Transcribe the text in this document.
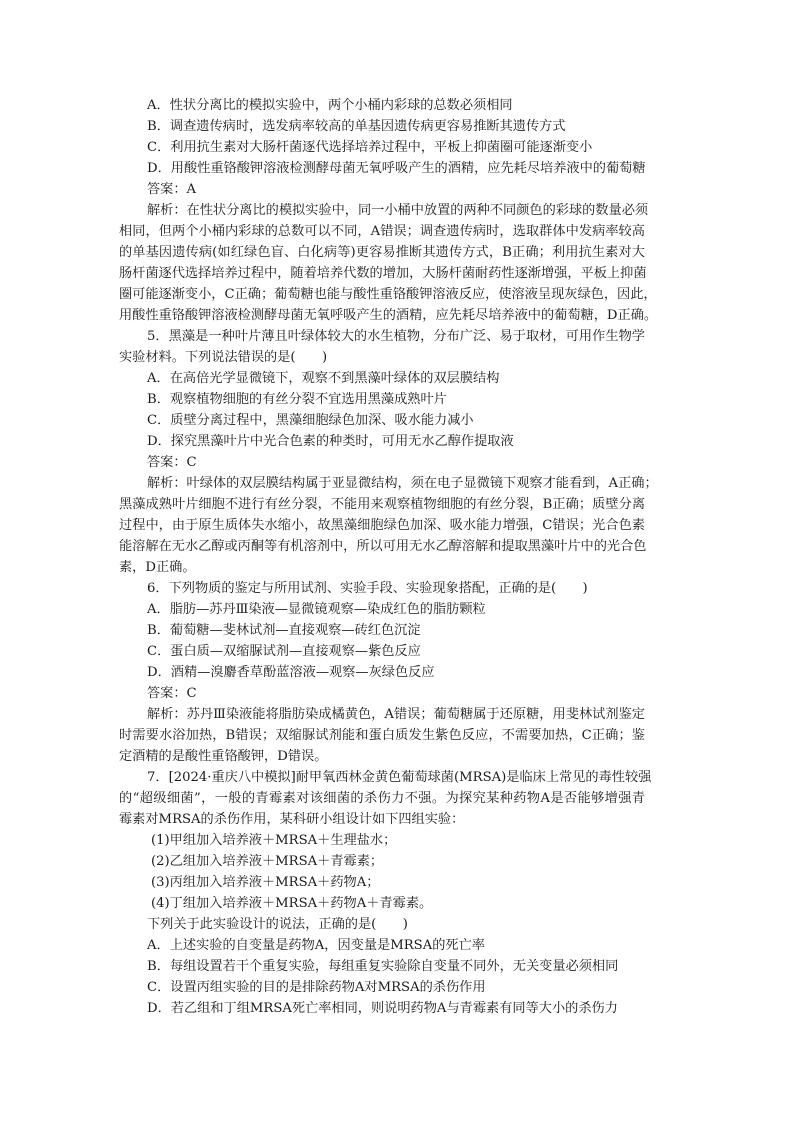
A．性状分离比的模拟实验中，两个小桶内彩球的总数必须相同
B．调查遗传病时，选发病率较高的单基因遗传病更容易推断其遗传方式
C．利用抗生素对大肠杆菌逐代选择培养过程中，平板上抑菌圈可能逐渐变小
D．用酸性重铬酸钾溶液检测酵母菌无氧呼吸产生的酒精，应先耗尽培养液中的葡萄糖
答案：A
解析：在性状分离比的模拟实验中，同一小桶中放置的两种不同颜色的彩球的数量必须
相同，但两个小桶内彩球的总数可以不同，A错误；调查遗传病时，选取群体中发病率较高
的单基因遗传病(如红绿色盲、白化病等)更容易推断其遗传方式，B正确；利用抗生素对大
肠杆菌逐代选择培养过程中，随着培养代数的增加，大肠杆菌耐药性逐渐增强，平板上抑菌
圈可能逐渐变小，C正确；葡萄糖也能与酸性重铬酸钾溶液反应，使溶液呈现灰绿色，因此，
用酸性重铬酸钾溶液检测酵母菌无氧呼吸产生的酒精，应先耗尽培养液中的葡萄糖，D正确。
5．黑藻是一种叶片薄且叶绿体较大的水生植物，分布广泛、易于取材，可用作生物学
实验材料。下列说法错误的是(　　)
A．在高倍光学显微镜下，观察不到黑藻叶绿体的双层膜结构
B．观察植物细胞的有丝分裂不宜选用黑藻成熟叶片
C．质壁分离过程中，黑藻细胞绿色加深、吸水能力减小
D．探究黑藻叶片中光合色素的种类时，可用无水乙醇作提取液
答案：C
解析：叶绿体的双层膜结构属于亚显微结构，须在电子显微镜下观察才能看到，A正确；
黑藻成熟叶片细胞不进行有丝分裂，不能用来观察植物细胞的有丝分裂，B正确；质壁分离
过程中，由于原生质体失水缩小，故黑藻细胞绿色加深、吸水能力增强，C错误；光合色素
能溶解在无水乙醇或丙酮等有机溶剂中，所以可用无水乙醇溶解和提取黑藻叶片中的光合色
素，D正确。
6．下列物质的鉴定与所用试剂、实验手段、实验现象搭配，正确的是(　　)
A．脂肪—苏丹Ⅲ染液—显微镜观察—染成红色的脂肪颗粒
B．葡萄糖—斐林试剂—直接观察—砖红色沉淀
C．蛋白质—双缩脲试剂—直接观察—紫色反应
D．酒精—溴麝香草酚蓝溶液—观察—灰绿色反应
答案：C
解析：苏丹Ⅲ染液能将脂肪染成橘黄色，A错误；葡萄糖属于还原糖，用斐林试剂鉴定
时需要水浴加热，B错误；双缩脲试剂能和蛋白质发生紫色反应，不需要加热，C正确；鉴
定酒精的是酸性重铬酸钾，D错误。
7．[2024·重庆八中模拟]耐甲氧西林金黄色葡萄球菌(MRSA)是临床上常见的毒性较强
的“超级细菌”，一般的青霉素对该细菌的杀伤力不强。为探究某种药物A是否能够增强青
霉素对MRSA的杀伤作用，某科研小组设计如下四组实验：
(1)甲组加入培养液＋MRSA＋生理盐水；
(2)乙组加入培养液＋MRSA＋青霉素；
(3)丙组加入培养液＋MRSA＋药物A；
(4)丁组加入培养液＋MRSA＋药物A＋青霉素。
下列关于此实验设计的说法，正确的是(　　)
A．上述实验的自变量是药物A，因变量是MRSA的死亡率
B．每组设置若干个重复实验，每组重复实验除自变量不同外，无关变量必须相同
C．设置丙组实验的目的是排除药物A对MRSA的杀伤作用
D．若乙组和丁组MRSA死亡率相同，则说明药物A与青霉素有同等大小的杀伤力
